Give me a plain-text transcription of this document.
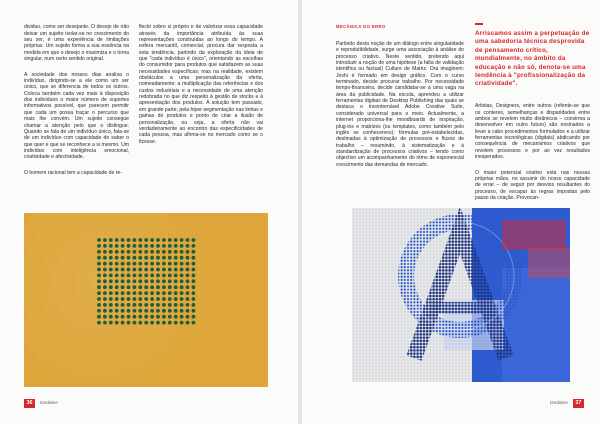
dividuo, como ser desejante. O desejo de não deixar um sujeito isolar-se no crescimento do seu ser, é uma experiência de limitações próprias. Um sujeito forma a sua essência na medida em que o desejo o maximiza e o torna singular, num certo sentido original.

A sociedade dos nossos dias analisa o indivíduo, dirigindo-se a ele como um ser único, que se diferencia de todos os outros. Coloca também cada vez mais à disposição dos indivíduos o maior número de suportes informativos possível, que parecem permitir que cada um possa traçar o percurso que mais lhe convém. Um sujeito consegue chamar a atenção pelo que o distingue. Quando se fala de um indivíduo único, fala-se de um indivíduo com capacidade de saber o que quer e que se reconhece a si mesmo. Um indivíduo com inteligência emocional, criatividade e afectividade.

O homem racional tem a capacidade de re-

flectir sobre si próprio e de valorizar essa capacidade através da importância atribuída às suas representações construídas ao longo do tempo. A esfera mercantil, comercial, procura dar resposta a esta tendência, partindo da exploração da ideia de que "cada indivíduo é único", orientando as escolhas do consumidor para produtos que satisfazem as suas necessidades específicas; mas na realidade, existem obstáculos a uma personalização da oferta, nomeadamente: a multiplicação das referências e dos custos industriais e a necessidade de uma atenção redobrada no que diz respeito à gestão de stocks e à apresentação dos produtos. A solução tem passado, em grande parte, pela hiper-segmentação nas linhas e gamas de produtos e ponto de criar a ilusão de personalização, ou seja, a oferta não vai verdadeiramente ao encontro das especificidades de cada pessoa, mas afirma-se no mercado como se o fizesse.

MECÂNICA DO ERRO

Partindo desta noção de um diálogo entre singularidade e reprodutibilidade, surge uma associação à análise do processo criativo. Neste sentido, pretendo aqui introduzir a noção de uma hipótese (a falta de validação identifica ou factual) Culture de Matriz. Ora imaginem: Joshi é formado em design gráfico. Com o curso terminado, decide procurar trabalho. Por necessidade tempo-financeira, decide candidatar-se a uma vaga na área da publicidade. Na escola, aprendeu a utilizar ferramentas digitais de Desktop Publishing das quais se destaca o incontornável Adobe Creative Suite, considerado universal para o meio. Actualmente, a internet proporciona-lhe moodboards de inspiração, plug-ins e matrizes (ou templates, como também pelo inglês se conhecemos): fórmulas pré-estabelecidas, destinadas à optimização de processos e fluxos de trabalho – resumindo, à sistematização e à standardização de processos criativos – tendo como objectivo um acompanhamento do ritmo de exponencial crescimento das demandas de mercado.

Arriscamos assim a perpetuação de uma sabedoria técnica desprovida de pensamento crítico, mundialmente, no âmbito da educação e não só, denota-se uma tendência à "profissionalização da criatividade".

Artistas, Designers, entre outros (refente-se que os conteres, semelhanças e disparidades entre ambos se revelem muito dinâmicos – convirma a desenvolver em outro futuro) são ensinados a lever a cabo procedimentos formulados e a utilizar ferramentas tecnológicas (digitais) abdicando por consequência de mecanismos criativos que revelem processos e por ao vez resultados inesperados.

O maior potencial criativo está nas nossas próprias mãos, no assumir do nosso capacidade de errar – de seguir por desvios resultantes do processo, de escapar às regras impostas pelo passo da criação. Provocan-

36	Dedalee	Dedalee	37
